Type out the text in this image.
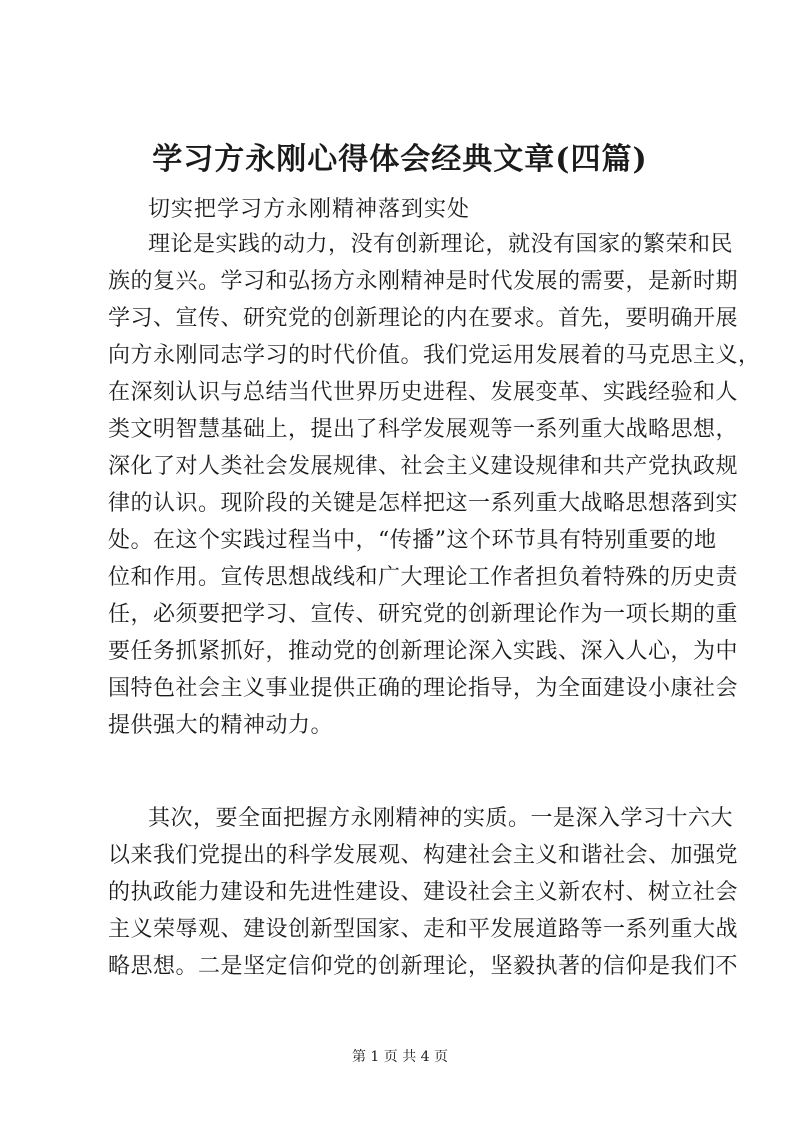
学习方永刚心得体会经典文章(四篇)

切实把学习方永刚精神落到实处

理论是实践的动力，没有创新理论，就没有国家的繁荣和民
族的复兴。学习和弘扬方永刚精神是时代发展的需要，是新时期
学习、宣传、研究党的创新理论的内在要求。首先，要明确开展
向方永刚同志学习的时代价值。我们党运用发展着的马克思主义，
在深刻认识与总结当代世界历史进程、发展变革、实践经验和人
类文明智慧基础上，提出了科学发展观等一系列重大战略思想，
深化了对人类社会发展规律、社会主义建设规律和共产党执政规
律的认识。现阶段的关键是怎样把这一系列重大战略思想落到实
处。在这个实践过程当中，“传播”这个环节具有特别重要的地
位和作用。宣传思想战线和广大理论工作者担负着特殊的历史责
任，必须要把学习、宣传、研究党的创新理论作为一项长期的重
要任务抓紧抓好，推动党的创新理论深入实践、深入人心，为中
国特色社会主义事业提供正确的理论指导，为全面建设小康社会
提供强大的精神动力。
其次，要全面把握方永刚精神的实质。一是深入学习十六大
以来我们党提出的科学发展观、构建社会主义和谐社会、加强党
的执政能力建设和先进性建设、建设社会主义新农村、树立社会
主义荣辱观、建设创新型国家、走和平发展道路等一系列重大战
略思想。二是坚定信仰党的创新理论，坚毅执著的信仰是我们不

第 1 页 共 4 页
